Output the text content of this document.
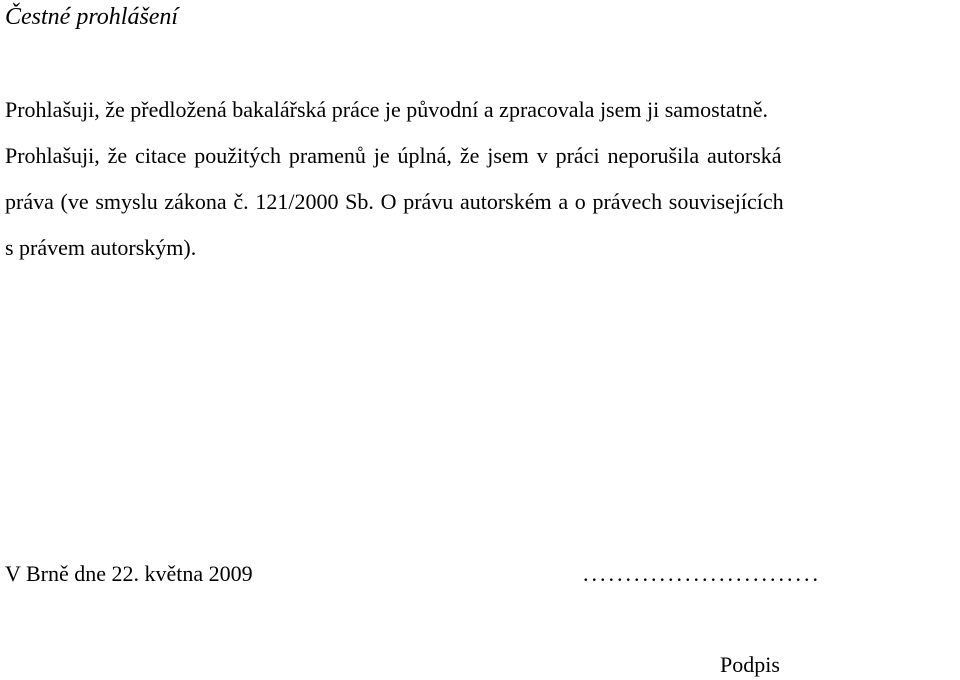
Čestné prohlášení
Prohlašuji, že předložená bakalářská práce je původní a zpracovala jsem ji samostatně.
Prohlašuji, že citace použitých pramenů je úplná, že jsem v práci neporušila autorská
práva (ve smyslu zákona č. 121/2000 Sb. O právu autorském a o právech souvisejících
s právem autorským).
V Brně dne 22. května 2009	............................
Podpis
